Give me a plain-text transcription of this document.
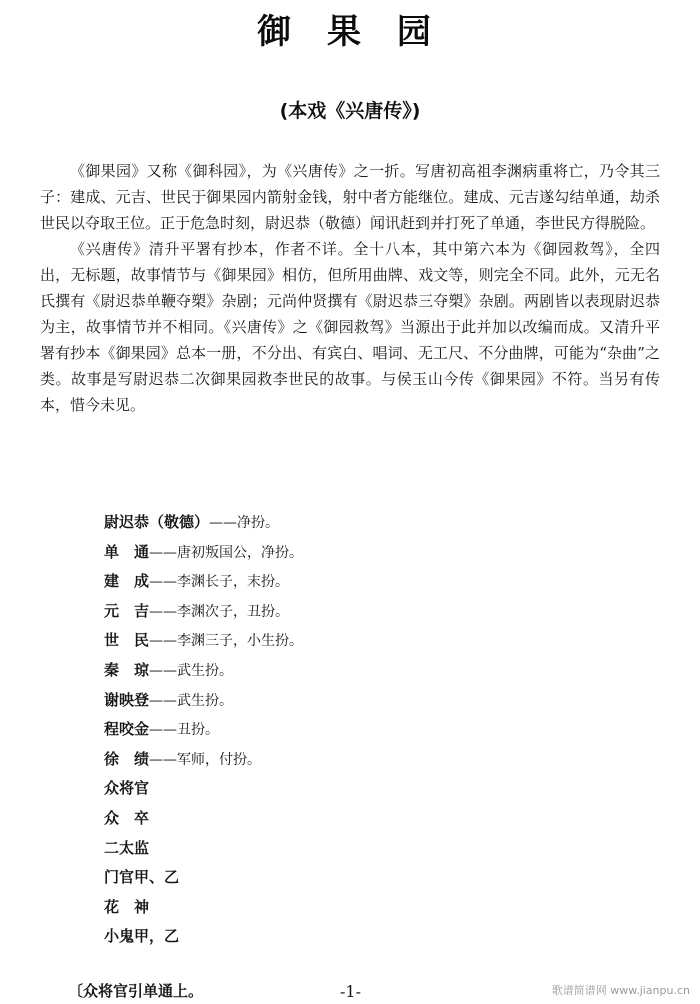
御 果 园
(本戏《兴唐传》)

《御果园》又称《御科园》，为《兴唐传》之一折。写唐初高祖李渊病重将亡，乃令其三子：建成、元吉、世民于御果园内箭射金钱，射中者方能继位。建成、元吉遂勾结单通，劫杀世民以夺取王位。正于危急时刻，尉迟恭（敬德）闻讯赶到并打死了单通，李世民方得脱险。

《兴唐传》清升平署有抄本，作者不详。全十八本，其中第六本为《御园救驾》，全四出，无标题，故事情节与《御果园》相仿，但所用曲牌、戏文等，则完全不同。此外，元无名氏撰有《尉迟恭单鞭夺槊》杂剧；元尚仲贤撰有《尉迟恭三夺槊》杂剧。两剧皆以表现尉迟恭为主，故事情节并不相同。《兴唐传》之《御园救驾》当源出于此并加以改编而成。又清升平署有抄本《御果园》总本一册，不分出、有宾白、唱词、无工尺、不分曲牌，可能为“杂曲”之类。故事是写尉迟恭二次御果园救李世民的故事。与侯玉山今传《御果园》不符。当另有传本，惜今未见。

尉迟恭（敬德）——净扮。
单　通——唐初叛国公，净扮。
建　成——李渊长子，末扮。
元　吉——李渊次子，丑扮。
世　民——李渊三子，小生扮。
秦　琼——武生扮。
谢映登——武生扮。
程咬金——丑扮。
徐　绩——军师，付扮。
众将官
众　卒
二太监
门官甲、乙
花　神
小鬼甲，乙
〔众将官引单通上。	-1-	歌谱简谱网 www.jianpu.cn
